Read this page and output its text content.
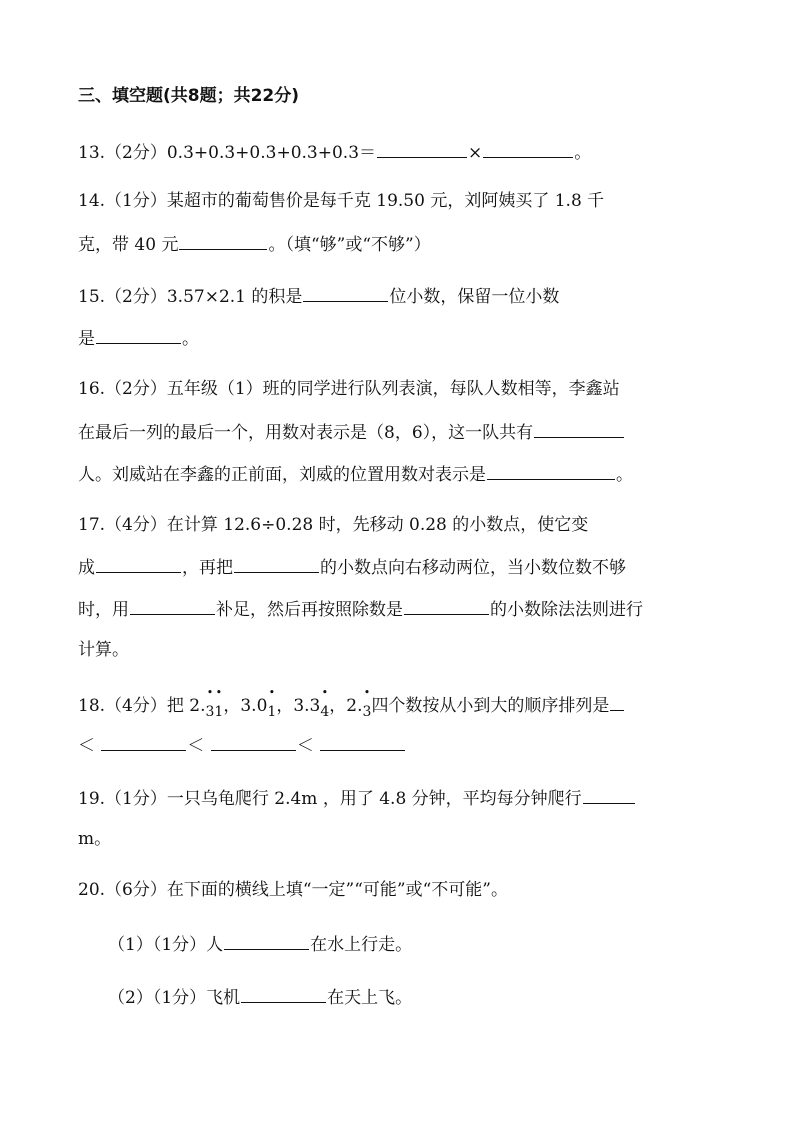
三、填空题(共8题；共22分)
13.（2分）0.3+0.3+0.3+0.3+0.3＝	×	。
14.（1分）某超市的葡萄售价是每千克 19.50 元，刘阿姨买了 1.8 千
克，带 40 元	。（填“够”或“不够”）
15.（2分）3.57×2.1 的积是	位小数，保留一位小数
是	。
16.（2分）五年级（1）班的同学进行队列表演，每队人数相等，李鑫站
在最后一列的最后一个，用数对表示是（8，6），这一队共有
人。刘威站在李鑫的正前面，刘威的位置用数对表示是	。
17.（4分）在计算 12.6÷0.28 时，先移动 0.28 的小数点，使它变
成	，再把	的小数点向右移动两位，当小数位数不够
时，用	补足，然后再按照除数是	的小数除法法则进行
计算。
18.（4分）把 2.• $_{3• 1}$，3.0• $_1$，3.3• $_4$，2.• $_3$四个数按从小到大的顺序排列是
＜	＜	＜
19.（1分）一只乌龟爬行 2.4m ，用了 4.8 分钟，平均每分钟爬行
m。
20.（6分）在下面的横线上填“一定”“可能”或“不可能”。
（1）（1分）人	在水上行走。
（2）（1分）飞机	在天上飞。
